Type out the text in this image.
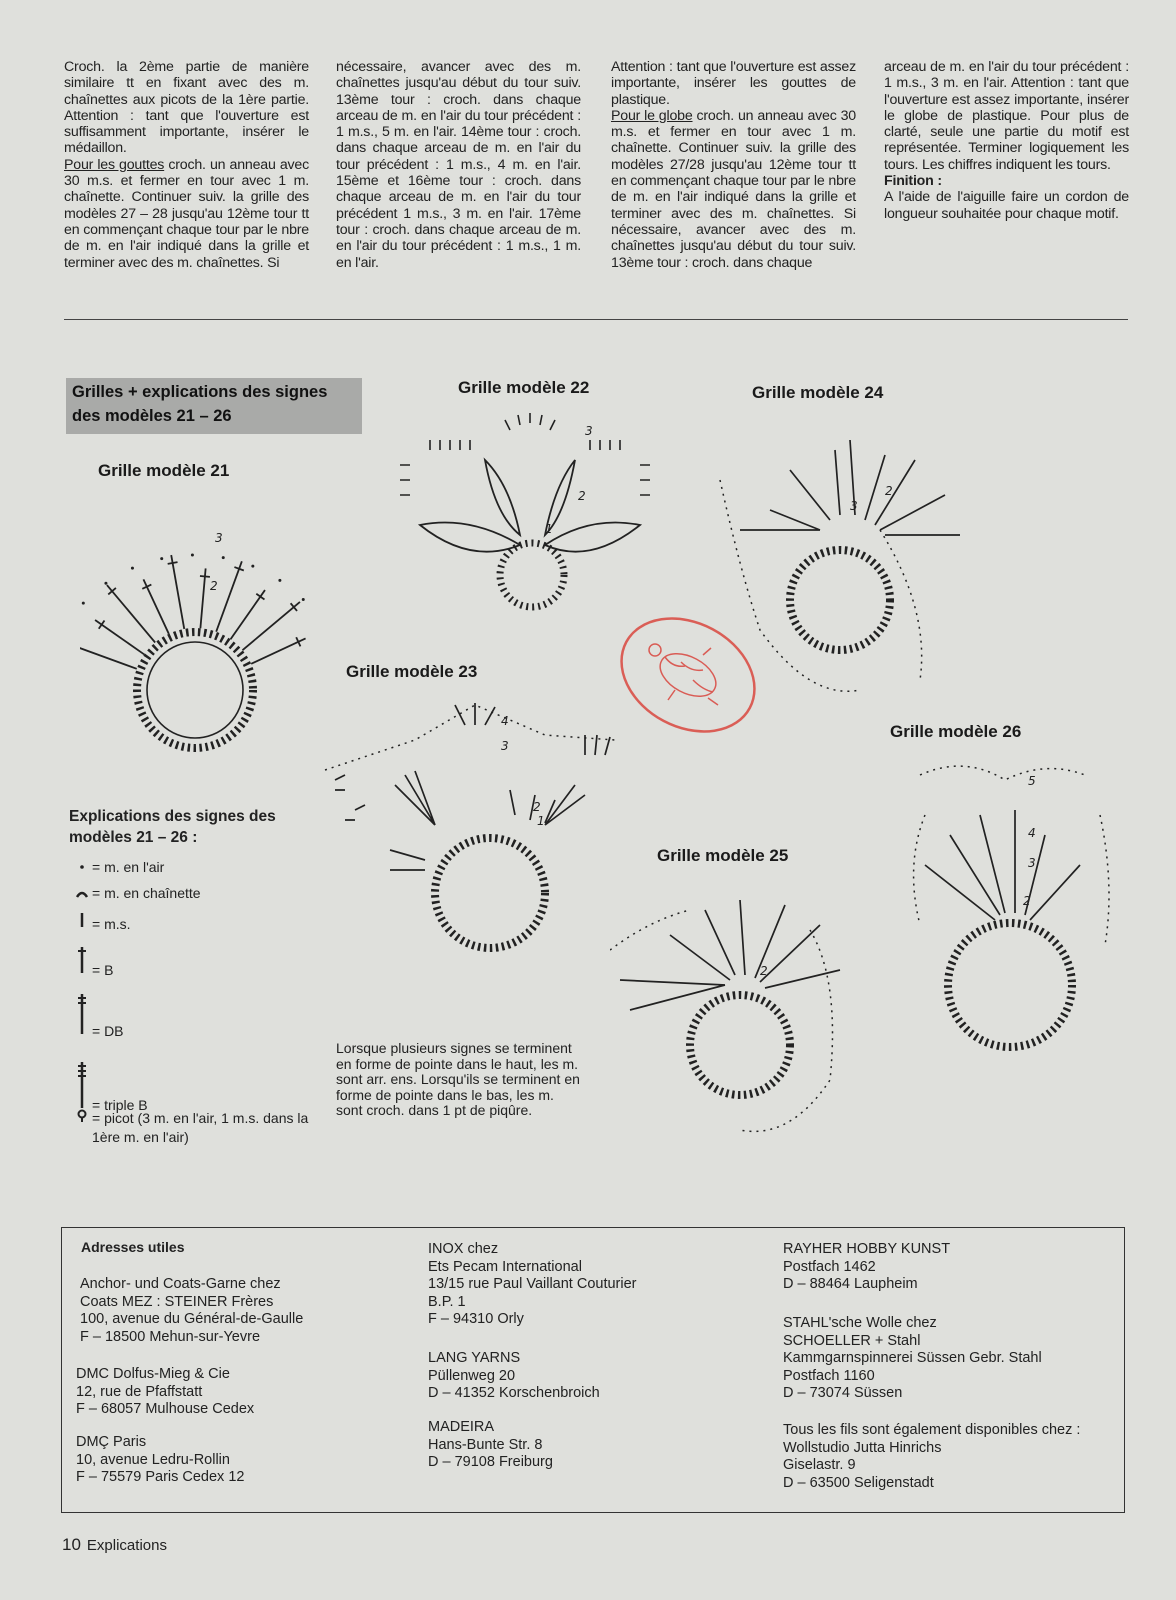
Croch. la 2ème partie de manière similaire tt en fixant avec des m. chaînettes aux picots de la 1ère partie. Attention : tant que l'ouverture est suffisamment importante, insérer le médaillon.
Pour les gouttes croch. un anneau avec 30 m.s. et fermer en tour avec 1 m. chaînette. Continuer suiv. la grille des modèles 27 – 28 jusqu'au 12ème tour tt en commençant chaque tour par le nbre de m. en l'air indiqué dans la grille et terminer avec des m. chaînettes. Si

nécessaire, avancer avec des m. chaînettes jusqu'au début du tour suiv. 13ème tour : croch. dans chaque arceau de m. en l'air du tour précédent : 1 m.s., 5 m. en l'air. 14ème tour : croch. dans chaque arceau de m. en l'air du tour précédent : 1 m.s., 4 m. en l'air. 15ème et 16ème tour : croch. dans chaque arceau de m. en l'air du tour précédent 1 m.s., 3 m. en l'air. 17ème tour : croch. dans chaque arceau de m. en l'air du tour précédent : 1 m.s., 1 m. en l'air.

Attention : tant que l'ouverture est assez importante, insérer les gouttes de plastique.
Pour le globe croch. un anneau avec 30 m.s. et fermer en tour avec 1 m. chaînette. Continuer suiv. la grille des modèles 27/28 jusqu'au 12ème tour tt en commençant chaque tour par le nbre de m. en l'air indiqué dans la grille et terminer avec des m. chaînettes. Si nécessaire, avancer avec des m. chaînettes jusqu'au début du tour suiv. 13ème tour : croch. dans chaque

arceau de m. en l'air du tour précédent : 1 m.s., 3 m. en l'air. Attention : tant que l'ouverture est assez importante, insérer le globe de plastique. Pour plus de clarté, seule une partie du motif est représentée. Terminer logiquement les tours. Les chiffres indiquent les tours.
Finition :
A l'aide de l'aiguille faire un cordon de longueur souhaitée pour chaque motif.

Grilles + explications des signes
des modèles 21 – 26
Grille modèle 21
Grille modèle 22
Grille modèle 23
Grille modèle 24
Grille modèle 25
Grille modèle 26
3
2
3
2
1
4
3
2
1
3
2
2
5
4
3
2
Explications des signes des
modèles 21 – 26 :
= m. en l'air
= m. en chaînette
= m.s.
= B
= DB
= triple B
= picot (3 m. en l'air, 1 m.s. dans la
1ère m. en l'air)
Lorsque plusieurs signes se terminent en forme de pointe dans le haut, les m. sont arr. ens. Lorsqu'ils se terminent en forme de pointe dans le bas, les m. sont croch. dans 1 pt de piqûre.
Adresses utiles
Anchor- und Coats-Garne chez
Coats MEZ : STEINER Frères
100, avenue du Général-de-Gaulle
F – 18500 Mehun-sur-Yevre
DMC Dolfus-Mieg & Cie
12, rue de Pfaffstatt
F – 68057 Mulhouse Cedex
DMÇ Paris
10, avenue Ledru-Rollin
F – 75579 Paris Cedex 12
INOX chez
Ets Pecam International
13/15 rue Paul Vaillant Couturier
B.P. 1
F – 94310 Orly
LANG YARNS
Püllenweg 20
D – 41352 Korschenbroich
MADEIRA
Hans-Bunte Str. 8
D – 79108 Freiburg
RAYHER HOBBY KUNST
Postfach 1462
D – 88464 Laupheim
STAHL'sche Wolle chez
SCHOELLER + Stahl
Kammgarnspinnerei Süssen Gebr. Stahl
Postfach 1160
D – 73074 Süssen
Tous les fils sont également disponibles chez :
Wollstudio Jutta Hinrichs
Giselastr. 9
D – 63500 Seligenstadt
10 Explications
